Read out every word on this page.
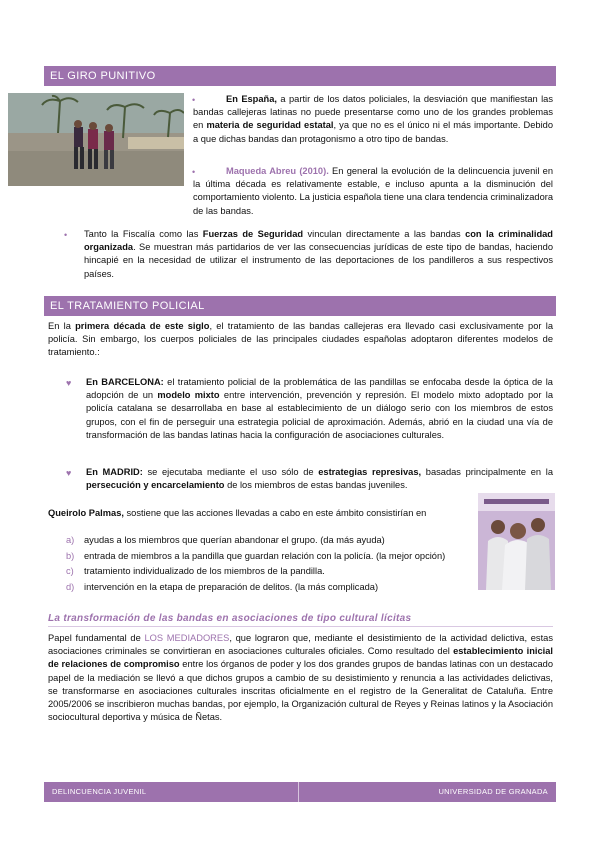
EL GIRO PUNITIVO
•	En España, a partir de los datos policiales, la desviación que manifiestan las bandas callejeras latinas no puede presentarse como uno de los grandes problemas en materia de seguridad estatal, ya que no es el único ni el más importante. Debido a que dichas bandas dan protagonismo a otro tipo de bandas.
•	Maqueda Abreu (2010). En general la evolución de la delincuencia juvenil en la última década es relativamente estable, e incluso apunta a la disminución del comportamiento violento. La justicia española tiene una clara tendencia criminalizadora de las bandas.
• Tanto la Fiscalía como las Fuerzas de Seguridad vinculan directamente a las bandas con la criminalidad organizada. Se muestran más partidarios de ver las consecuencias jurídicas de este tipo de bandas, haciendo hincapié en la necesidad de utilizar el instrumento de las deportaciones de los pandilleros a sus respectivos países.
EL TRATAMIENTO POLICIAL
En la primera década de este siglo, el tratamiento de las bandas callejeras era llevado casi exclusivamente por la policía. Sin embargo, los cuerpos policiales de las principales ciudades españolas adoptaron diferentes modelos de tratamiento.:
♥ En BARCELONA: el tratamiento policial de la problemática de las pandillas se enfocaba desde la óptica de la adopción de un modelo mixto entre intervención, prevención y represión. El modelo mixto adoptado por la policía catalana se desarrollaba en base al establecimiento de un diálogo serio con los miembros de estos grupos, con el fin de perseguir una estrategia policial de aproximación. Además, abrió en la ciudad una vía de transformación de las bandas latinas hacia la configuración de asociaciones culturales.
♥ En MADRID: se ejecutaba mediante el uso sólo de estrategias represivas, basadas principalmente en la persecución y encarcelamiento de los miembros de estas bandas juveniles.
Queirolo Palmas, sostiene que las acciones llevadas a cabo en este ámbito consistirían en
a) ayudas a los miembros que querían abandonar el grupo. (da más ayuda)
b) entrada de miembros a la pandilla que guardan relación con la policía. (la mejor opción)
c) tratamiento individualizado de los miembros de la pandilla.
d) intervención en la etapa de preparación de delitos. (la más complicada)
La transformación de las bandas en asociaciones de tipo cultural lícitas
Papel fundamental de LOS MEDIADORES, que lograron que, mediante el desistimiento de la actividad delictiva, estas asociaciones criminales se convirtieran en asociaciones culturales oficiales. Como resultado del establecimiento inicial de relaciones de compromiso entre los órganos de poder y los dos grandes grupos de bandas latinas con un destacado papel de la mediación se llevó a que dichos grupos a cambio de su desistimiento y renuncia a las actividades delictivas, se transformarse en asociaciones culturales inscritas oficialmente en el registro de la Generalitat de Cataluña. Entre 2005/2006 se inscribieron muchas bandas, por ejemplo, la Organización cultural de Reyes y Reinas latinos y la Asociación sociocultural deportiva y música de Ñetas.
DELINCUENCIA JUVENIL	UNIVERSIDAD DE GRANADA
